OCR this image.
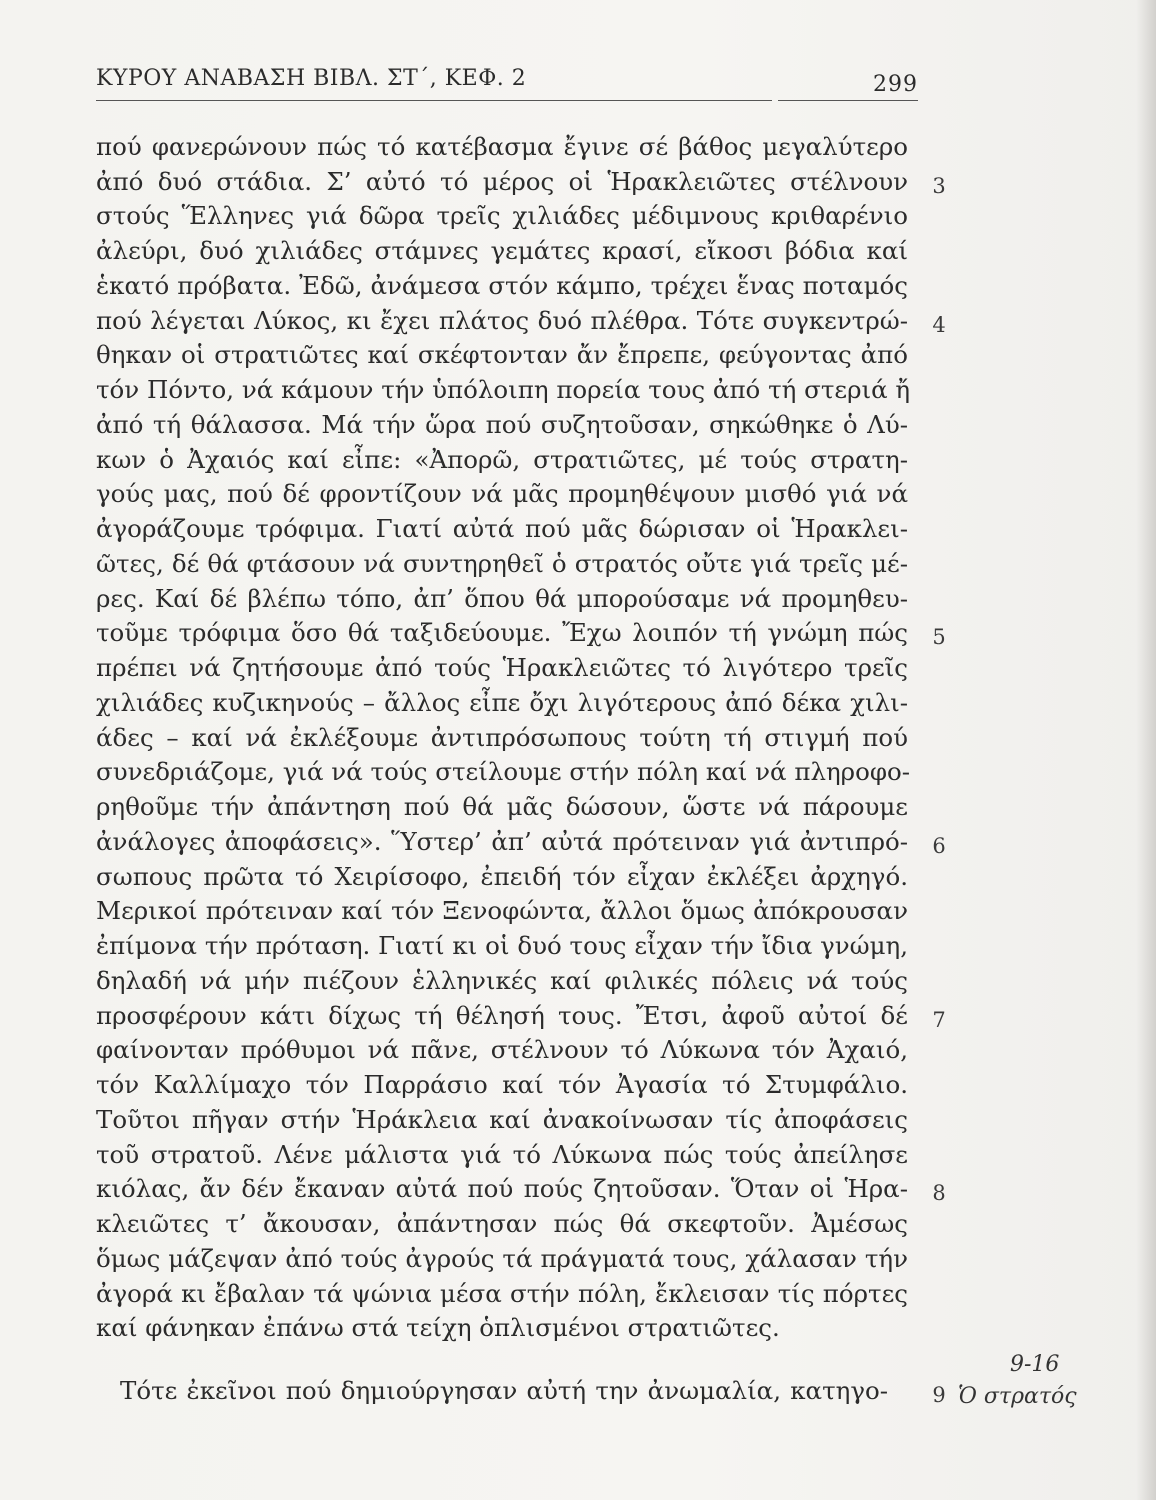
ΚΥΡΟΥ ΑΝΑΒΑΣΗ ΒΙΒΛ. ΣΤ΄, ΚΕΦ. 2	299
πού φανερώνουν πώς τό κατέβασμα ἔγινε σέ βάθος μεγαλύτερο
ἀπό δυό στάδια. Σ’ αὐτό τό μέρος οἱ Ἡρακλειῶτες στέλνουν
στούς Ἕλληνες γιά δῶρα τρεῖς χιλιάδες μέδιμνους κριθαρένιο
ἀλεύρι, δυό χιλιάδες στάμνες γεμάτες κρασί, εἴκοσι βόδια καί
ἑκατό πρόβατα. Ἐδῶ, ἀνάμεσα στόν κάμπο, τρέχει ἕνας ποταμός
πού λέγεται Λύκος, κι ἔχει πλάτος δυό πλέθρα. Τότε συγκεντρώ-
θηκαν οἱ στρατιῶτες καί σκέφτονταν ἄν ἔπρεπε, φεύγοντας ἀπό
τόν Πόντο, νά κάμουν τήν ὑπόλοιπη πορεία τους ἀπό τή στεριά ἤ
ἀπό τή θάλασσα. Μά τήν ὥρα πού συζητοῦσαν, σηκώθηκε ὁ Λύ-
κων ὁ Ἀχαιός καί εἶπε: «Ἀπορῶ, στρατιῶτες, μέ τούς στρατη-
γούς μας, πού δέ φροντίζουν νά μᾶς προμηθέψουν μισθό γιά νά
ἀγοράζουμε τρόφιμα. Γιατί αὐτά πού μᾶς δώρισαν οἱ Ἡρακλει-
ῶτες, δέ θά φτάσουν νά συντηρηθεῖ ὁ στρατός οὔτε γιά τρεῖς μέ-
ρες. Καί δέ βλέπω τόπο, ἀπ’ ὅπου θά μπορούσαμε νά προμηθευ-
τοῦμε τρόφιμα ὅσο θά ταξιδεύουμε. Ἔχω λοιπόν τή γνώμη πώς
πρέπει νά ζητήσουμε ἀπό τούς Ἡρακλειῶτες τό λιγότερο τρεῖς
χιλιάδες κυζικηνούς – ἄλλος εἶπε ὄχι λιγότερους ἀπό δέκα χιλι-
άδες – καί νά ἐκλέξουμε ἀντιπρόσωπους τούτη τή στιγμή πού
συνεδριάζομε, γιά νά τούς στείλουμε στήν πόλη καί νά πληροφο-
ρηθοῦμε τήν ἀπάντηση πού θά μᾶς δώσουν, ὥστε νά πάρουμε
ἀνάλογες ἀποφάσεις». Ὕστερ’ ἀπ’ αὐτά πρότειναν γιά ἀντιπρό-
σωπους πρῶτα τό Χειρίσοφο, ἐπειδή τόν εἶχαν ἐκλέξει ἀρχηγό.
Μερικοί πρότειναν καί τόν Ξενοφώντα, ἄλλοι ὅμως ἀπόκρουσαν
ἐπίμονα τήν πρόταση. Γιατί κι οἱ δυό τους εἶχαν τήν ἴδια γνώμη,
δηλαδή νά μήν πιέζουν ἑλληνικές καί φιλικές πόλεις νά τούς
προσφέρουν κάτι δίχως τή θέλησή τους. Ἔτσι, ἀφοῦ αὐτοί δέ
φαίνονταν πρόθυμοι νά πᾶνε, στέλνουν τό Λύκωνα τόν Ἀχαιό,
τόν Καλλίμαχο τόν Παρράσιο καί τόν Ἀγασία τό Στυμφάλιο.
Τοῦτοι πῆγαν στήν Ἡράκλεια καί ἀνακοίνωσαν τίς ἀποφάσεις
τοῦ στρατοῦ. Λένε μάλιστα γιά τό Λύκωνα πώς τούς ἀπείλησε
κιόλας, ἄν δέν ἔκαναν αὐτά πού πούς ζητοῦσαν. Ὅταν οἱ Ἡρα-
κλειῶτες τ’ ἄκουσαν, ἀπάντησαν πώς θά σκεφτοῦν. Ἀμέσως
ὅμως μάζεψαν ἀπό τούς ἀγρούς τά πράγματά τους, χάλασαν τήν
ἀγορά κι ἔβαλαν τά ψώνια μέσα στήν πόλη, ἔκλεισαν τίς πόρτες
καί φάνηκαν ἐπάνω στά τείχη ὁπλισμένοι στρατιῶτες.
Τότε ἐκεῖνοι πού δημιούργησαν αὐτή την ἀνωμαλία, κατηγο-
3
4
5
6
7
8
9
9-16
Ὁ στρατός
